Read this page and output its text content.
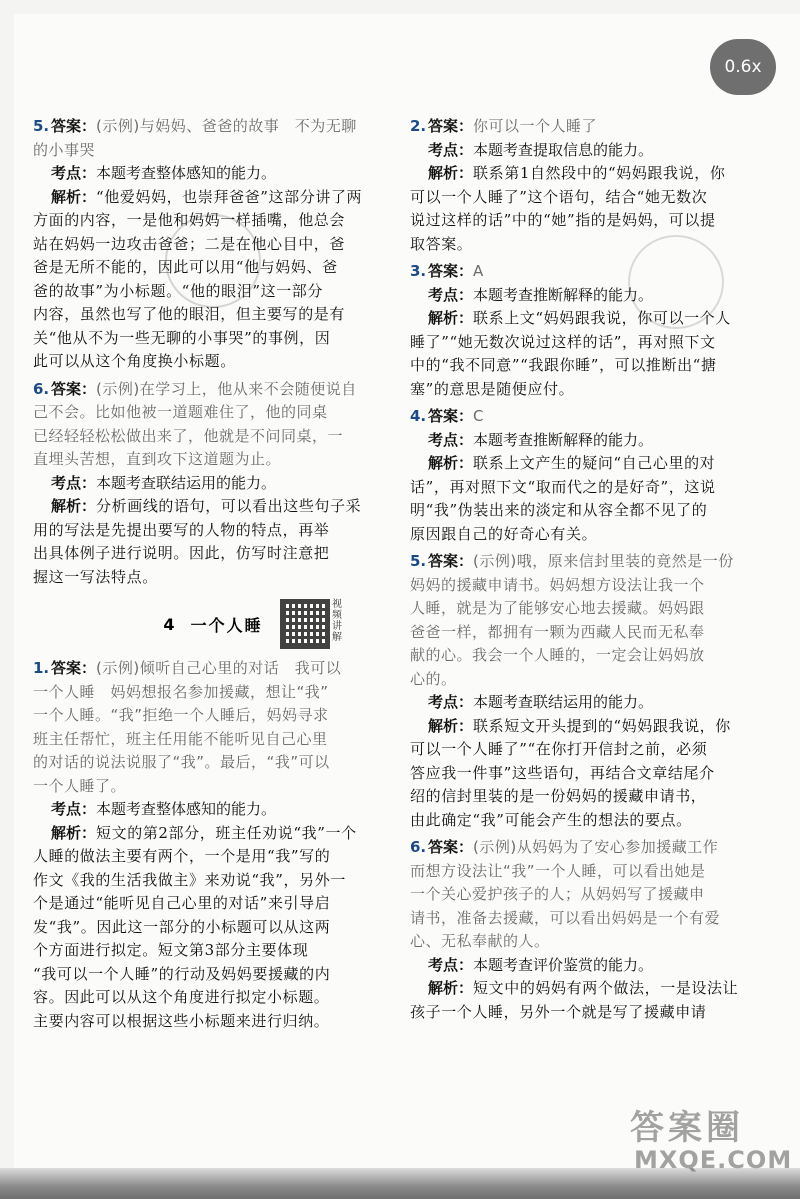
0.6x
5. 答案：(示例)与妈妈、爸爸的故事　不为无聊
的小事哭
考点：本题考查整体感知的能力。
解析：“他爱妈妈，也崇拜爸爸”这部分讲了两
方面的内容，一是他和妈妈一样插嘴，他总会
站在妈妈一边攻击爸爸；二是在他心目中，爸
爸是无所不能的，因此可以用“他与妈妈、爸
爸的故事”为小标题。“他的眼泪”这一部分
内容，虽然也写了他的眼泪，但主要写的是有
关“他从不为一些无聊的小事哭”的事例，因
此可以从这个角度换小标题。
6. 答案：(示例)在学习上，他从来不会随便说自
己不会。比如他被一道题难住了，他的同桌
已经轻轻松松做出来了，他就是不问同桌，一
直埋头苦想，直到攻下这道题为止。
考点：本题考查联结运用的能力。
解析：分析画线的语句，可以看出这些句子采
用的写法是先提出要写的人物的特点，再举
出具体例子进行说明。因此，仿写时注意把
握这一写法特点。
4 一个人睡
视频讲解
1. 答案：(示例)倾听自己心里的对话　我可以
一个人睡　妈妈想报名参加援藏，想让“我”
一个人睡。“我”拒绝一个人睡后，妈妈寻求
班主任帮忙，班主任用能不能听见自己心里
的对话的说法说服了“我”。最后，“我”可以
一个人睡了。
考点：本题考查整体感知的能力。
解析：短文的第2部分，班主任劝说“我”一个
人睡的做法主要有两个，一个是用“我”写的
作文《我的生活我做主》来劝说“我”，另外一
个是通过“能听见自己心里的对话”来引导启
发“我”。因此这一部分的小标题可以从这两
个方面进行拟定。短文第3部分主要体现
“我可以一个人睡”的行动及妈妈要援藏的内
容。因此可以从这个角度进行拟定小标题。
主要内容可以根据这些小标题来进行归纳。
2. 答案：你可以一个人睡了
考点：本题考查提取信息的能力。
解析：联系第1自然段中的“妈妈跟我说，你
可以一个人睡了”这个语句，结合“她无数次
说过这样的话”中的“她”指的是妈妈，可以提
取答案。
3. 答案：A
考点：本题考查推断解释的能力。
解析：联系上文“妈妈跟我说，你可以一个人
睡了”“她无数次说过这样的话”，再对照下文
中的“我不同意”“我跟你睡”，可以推断出“搪
塞”的意思是随便应付。
4. 答案：C
考点：本题考查推断解释的能力。
解析：联系上文产生的疑问“自己心里的对
话”，再对照下文“取而代之的是好奇”，这说
明“我”伪装出来的淡定和从容全都不见了的
原因跟自己的好奇心有关。
5. 答案：(示例)哦，原来信封里装的竟然是一份
妈妈的援藏申请书。妈妈想方设法让我一个
人睡，就是为了能够安心地去援藏。妈妈跟
爸爸一样，都拥有一颗为西藏人民而无私奉
献的心。我会一个人睡的，一定会让妈妈放
心的。
考点：本题考查联结运用的能力。
解析：联系短文开头提到的“妈妈跟我说，你
可以一个人睡了”“在你打开信封之前，必须
答应我一件事”这些语句，再结合文章结尾介
绍的信封里装的是一份妈妈的援藏申请书，
由此确定“我”可能会产生的想法的要点。
6. 答案：(示例)从妈妈为了安心参加援藏工作
而想方设法让“我”一个人睡，可以看出她是
一个关心爱护孩子的人；从妈妈写了援藏申
请书，准备去援藏，可以看出妈妈是一个有爱
心、无私奉献的人。
考点：本题考查评价鉴赏的能力。
解析：短文中的妈妈有两个做法，一是设法让
孩子一个人睡，另外一个就是写了援藏申请
答案圈
MXQE.COM
